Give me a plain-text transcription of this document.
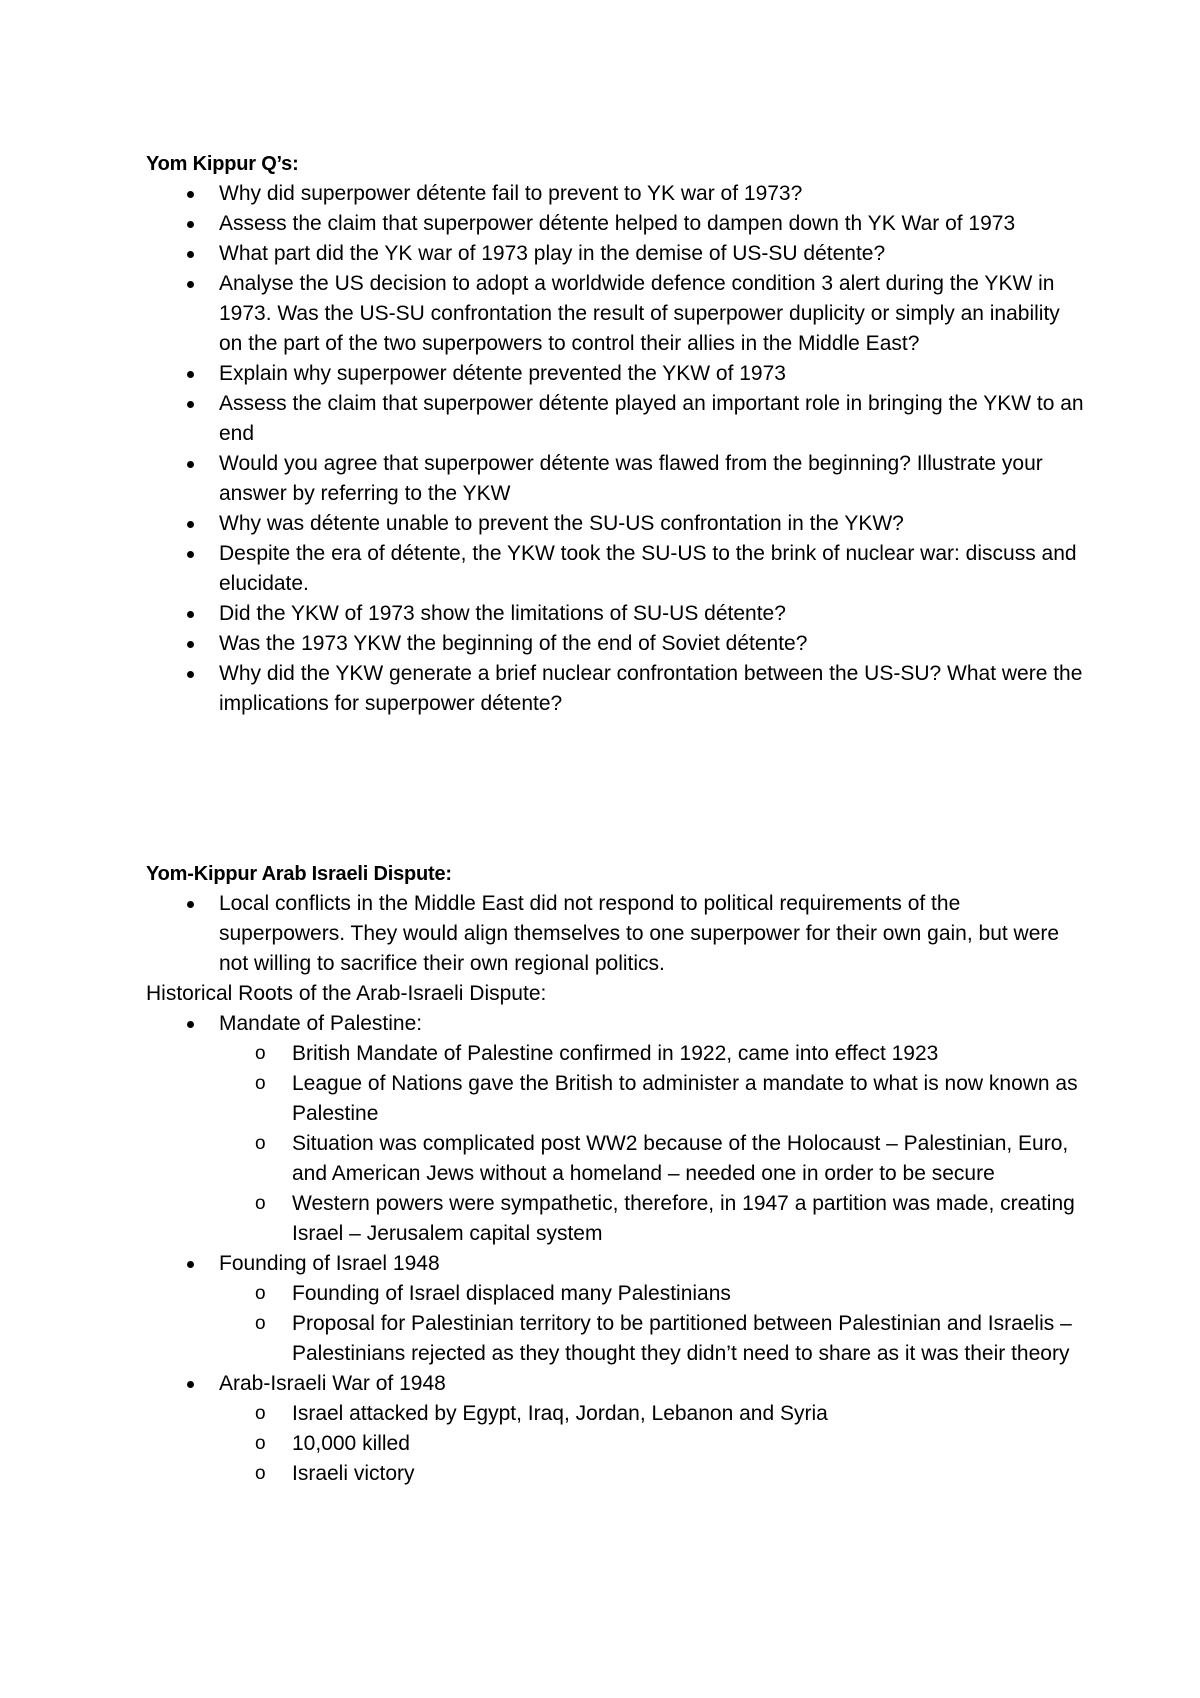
Yom Kippur Q’s:
Why did superpower détente fail to prevent to YK war of 1973?
Assess the claim that superpower détente helped to dampen down th YK War of 1973
What part did the YK war of 1973 play in the demise of US-SU détente?
Analyse the US decision to adopt a worldwide defence condition 3 alert during the YKW in 1973. Was the US-SU confrontation the result of superpower duplicity or simply an inability on the part of the two superpowers to control their allies in the Middle East?
Explain why superpower détente prevented the YKW of 1973
Assess the claim that superpower détente played an important role in bringing the YKW to an end
Would you agree that superpower détente was flawed from the beginning? Illustrate your answer by referring to the YKW
Why was détente unable to prevent the SU-US confrontation in the YKW?
Despite the era of détente, the YKW took the SU-US to the brink of nuclear war: discuss and elucidate.
Did the YKW of 1973 show the limitations of SU-US détente?
Was the 1973 YKW the beginning of the end of Soviet détente?
Why did the YKW generate a brief nuclear confrontation between the US-SU? What were the implications for superpower détente?
Yom-Kippur Arab Israeli Dispute:
Local conflicts in the Middle East did not respond to political requirements of the superpowers. They would align themselves to one superpower for their own gain, but were not willing to sacrifice their own regional politics.
Historical Roots of the Arab-Israeli Dispute:
Mandate of Palestine:
o British Mandate of Palestine confirmed in 1922, came into effect 1923
o League of Nations gave the British to administer a mandate to what is now known as Palestine
o Situation was complicated post WW2 because of the Holocaust – Palestinian, Euro, and American Jews without a homeland – needed one in order to be secure
o Western powers were sympathetic, therefore, in 1947 a partition was made, creating Israel – Jerusalem capital system
Founding of Israel 1948
o Founding of Israel displaced many Palestinians
o Proposal for Palestinian territory to be partitioned between Palestinian and Israelis – Palestinians rejected as they thought they didn’t need to share as it was their theory
Arab-Israeli War of 1948
o Israel attacked by Egypt, Iraq, Jordan, Lebanon and Syria
o 10,000 killed
o Israeli victory
